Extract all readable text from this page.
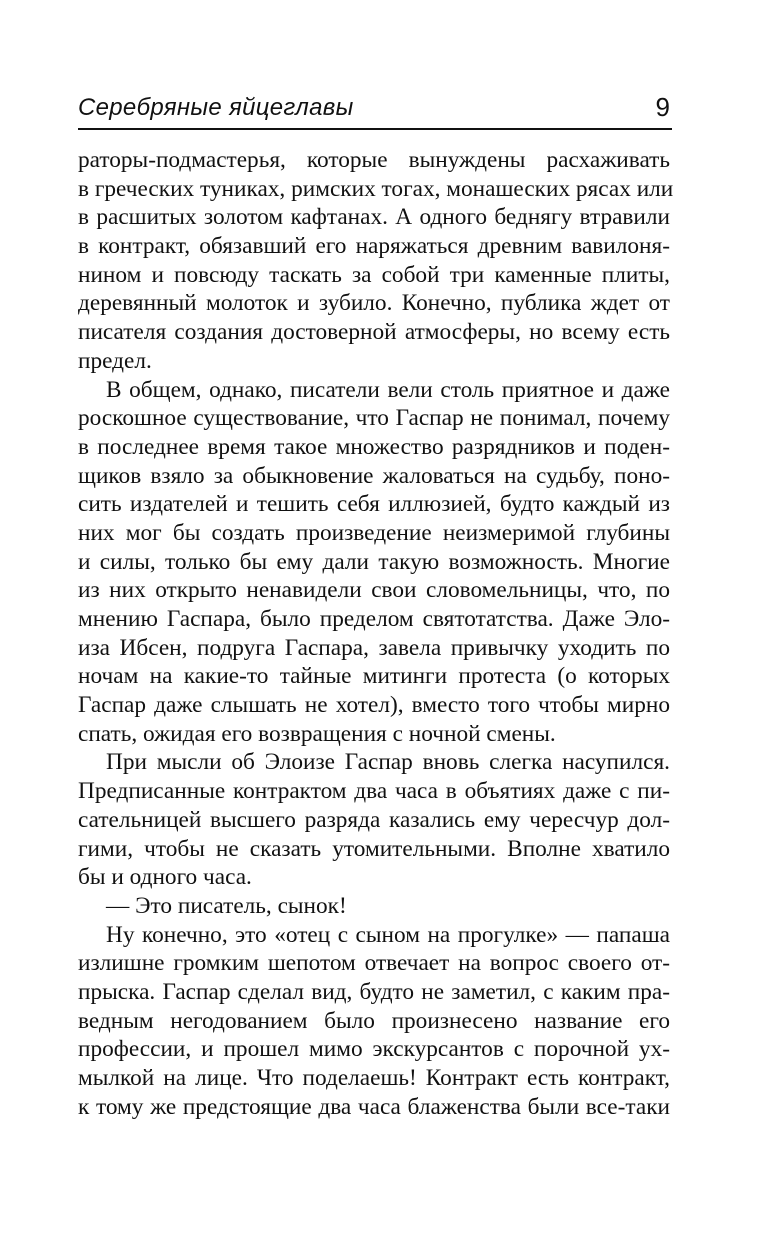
Серебряные яйцеглавы	9
раторы-подмастерья, которые вынуждены расхаживать
в греческих туниках, римских тогах, монашеских рясах или
в расшитых золотом кафтанах. А одного беднягу втравили
в контракт, обязавший его наряжаться древним вавилоня-
нином и повсюду таскать за собой три каменные плиты,
деревянный молоток и зубило. Конечно, публика ждет от
писателя создания достоверной атмосферы, но всему есть
предел.
В общем, однако, писатели вели столь приятное и даже
роскошное существование, что Гаспар не понимал, почему
в последнее время такое множество разрядников и поден-
щиков взяло за обыкновение жаловаться на судьбу, поно-
сить издателей и тешить себя иллюзией, будто каждый из
них мог бы создать произведение неизмеримой глубины
и силы, только бы ему дали такую возможность. Многие
из них открыто ненавидели свои словомельницы, что, по
мнению Гаспара, было пределом святотатства. Даже Эло-
иза Ибсен, подруга Гаспара, завела привычку уходить по
ночам на какие-то тайные митинги протеста (о которых
Гаспар даже слышать не хотел), вместо того чтобы мирно
спать, ожидая его возвращения с ночной смены.
При мысли об Элоизе Гаспар вновь слегка насупился.
Предписанные контрактом два часа в объятиях даже с пи-
сательницей высшего разряда казались ему чересчур дол-
гими, чтобы не сказать утомительными. Вполне хватило
бы и одного часа.
— Это писатель, сынок!
Ну конечно, это «отец с сыном на прогулке» — папаша
излишне громким шепотом отвечает на вопрос своего от-
прыска. Гаспар сделал вид, будто не заметил, с каким пра-
ведным негодованием было произнесено название его
профессии, и прошел мимо экскурсантов с порочной ух-
мылкой на лице. Что поделаешь! Контракт есть контракт,
к тому же предстоящие два часа блаженства были все-таки
